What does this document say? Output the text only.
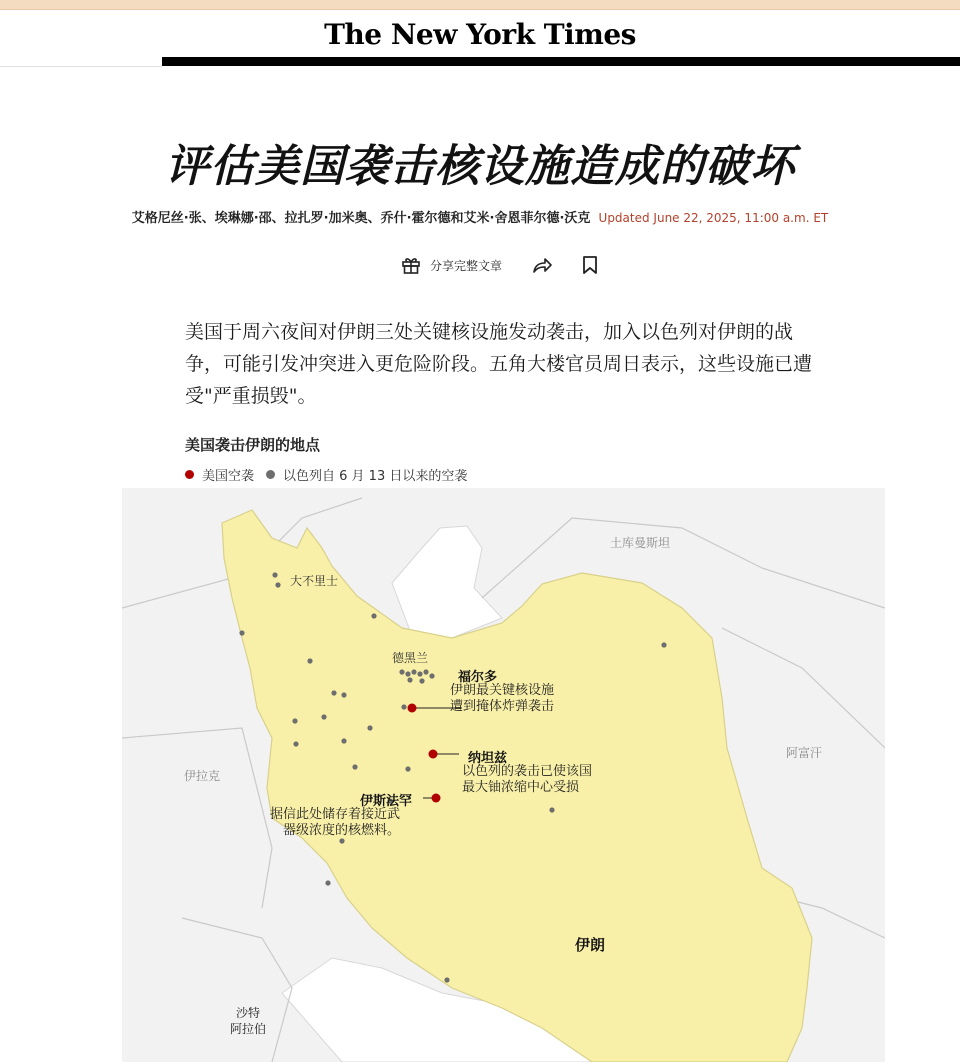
The New York Times
评估美国袭击核设施造成的破坏
艾格尼丝·张、埃琳娜·邵、拉扎罗·加米奥、乔什·霍尔德和艾米·舍恩菲尔德·沃克 Updated June 22, 2025, 11:00 a.m. ET
分享完整文章

美国于周六夜间对伊朗三处关键核设施发动袭击，加入以色列对伊朗的战争，可能引发冲突进入更危险阶段。五角大楼官员周日表示，这些设施已遭受"严重损毁"。

美国袭击伊朗的地点
美国空袭 以色列自 6 月 13 日以来的空袭
土库曼斯坦
大不里士
德黑兰
阿富汗
伊拉克
沙特
阿拉伯
伊朗
福尔多
伊朗最关键核设施
遭到掩体炸弹袭击
纳坦兹
以色列的袭击已使该国
最大铀浓缩中心受损
伊斯法罕
据信此处储存着接近武
器级浓度的核燃料。
